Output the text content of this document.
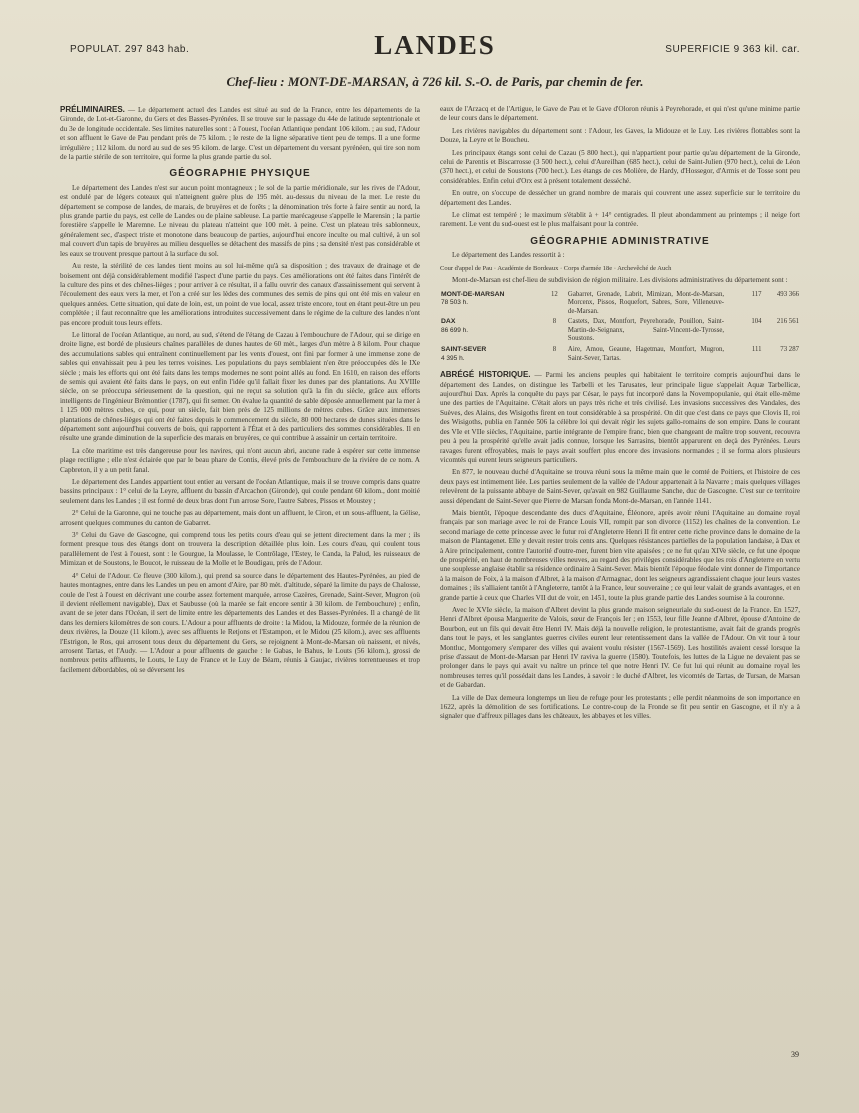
POPULAT. 297 843 hab.	LANDES	SUPERFICIE 9 363 kil. car.
Chef-lieu : MONT-DE-MARSAN, à 726 kil. S.-O. de Paris, par chemin de fer.

PRÉLIMINAIRES. — Le département actuel des Landes est situé au sud de la France, entre les départements de la Gironde, de Lot-et-Garonne, du Gers et des Basses-Pyrénées. Il se trouve sur le passage du 44e de latitude septentrionale et du 3e de longitude occidentale. Ses limites naturelles sont : à l'ouest, l'océan Atlantique pendant 106 kilom. ; au sud, l'Adour et son affluent le Gave de Pau pendant près de 75 kilom. ; le reste de la ligne séparative tient peu de temps. Il a une forme irrégulière ; 112 kilom. du nord au sud de ses 95 kilom. de large. C'est un département du versant pyrénéen, qui tire son nom de la partie stérile de son territoire, qui forme la plus grande partie du sol.

GÉOGRAPHIE PHYSIQUE

Le département des Landes n'est sur aucun point montagneux ; le sol de la partie méridionale, sur les rives de l'Adour, est ondulé par de légers coteaux qui n'atteignent guère plus de 195 mèt. au-dessus du niveau de la mer. Le reste du département se compose de landes, de marais, de bruyères et de forêts ; la dénomination très forte à faire sentir au nord, la plus grande partie du pays, est celle de Landes ou de plaine sableuse. La partie marécageuse s'appelle le Marensin ; la partie forestière s'appelle le Maremne. Le niveau du plateau n'atteint que 100 mèt. à peine. C'est un plateau très sablonneux, généralement sec, d'aspect triste et monotone dans beaucoup de parties, aujourd'hui encore inculte ou mal cultivé, à un sol mal couvert d'un tapis de bruyères au milieu desquelles se détachent des massifs de pins ; sa densité n'est pas considérable et les eaux se trouvent presque partout à la surface du sol.

Au reste, la stérilité de ces landes tient moins au sol lui-même qu'à sa disposition ; des travaux de drainage et de boisement ont déjà considérablement modifié l'aspect d'une partie du pays. Ces améliorations ont été faites dans l'intérêt de la culture des pins et des chênes-lièges ; pour arriver à ce résultat, il a fallu ouvrir des canaux d'assainissement qui servent à l'écoulement des eaux vers la mer, et l'on a créé sur les lèdes des communes des semis de pins qui ont été mis en valeur en quelques années. Cette situation, qui date de loin, est, un point de vue local, assez triste encore, tout en étant peut-être un peu complétée ; il faut reconnaître que les améliorations introduites successivement dans le régime de la culture des landes n'ont pas encore produit tous leurs effets.

Le littoral de l'océan Atlantique, au nord, au sud, s'étend de l'étang de Cazau à l'embouchure de l'Adour, qui se dirige en droite ligne, est bordé de plusieurs chaînes parallèles de dunes hautes de 60 mèt., larges d'un mètre à 8 kilom. Pour chaque des accumulations sables qui entraînent continuellement par les vents d'ouest, ont fini par former à une immense zone de sables qui envahissait peu à peu les terres voisines. Les populations du pays semblaient n'en être préoccupées dès le IXe siècle ; mais les efforts qui ont été faits dans les temps modernes ne sont point allés au fond. En 1610, en raison des efforts de semis qui avaient été faits dans le pays, on eut enfin l'idée qu'il fallait fixer les dunes par des plantations. Au XVIIIe siècle, on se préoccupa sérieusement de la question, qui ne reçut sa solution qu'à la fin du siècle, grâce aux efforts intelligents de l'ingénieur Brémontier (1787), qui fit semer. On évalue la quantité de sable déposée annuellement par la mer à 1 125 000 mètres cubes, ce qui, pour un siècle, fait bien près de 125 millions de mètres cubes. Grâce aux immenses plantations de chênes-lièges qui ont été faites depuis le commencement du siècle, 80 000 hectares de dunes situées dans le département sont aujourd'hui couverts de bois, qui rapportent à l'État et à des particuliers des sommes considérables. Il en résulte une grande diminution de la superficie des marais en bruyères, ce qui contribue à assainir un certain territoire.

La côte maritime est très dangereuse pour les navires, qui n'ont aucun abri, aucune rade à espérer sur cette immense plage rectiligne ; elle n'est éclairée que par le beau phare de Contis, élevé près de l'embouchure de la rivière de ce nom. A Capbreton, il y a un petit fanal.

Le département des Landes appartient tout entier au versant de l'océan Atlantique, mais il se trouve compris dans quatre bassins principaux : 1° celui de la Leyre, affluent du bassin d'Arcachon (Gironde), qui coule pendant 60 kilom., dont moitié seulement dans les Landes ; il est formé de deux bras dont l'un arrose Sore, l'autre Sabres, Pissos et Moustey ;

2° Celui de la Garonne, qui ne touche pas au département, mais dont un affluent, le Ciron, et un sous-affluent, la Gélise, arrosent quelques communes du canton de Gabarret.

3° Celui du Gave de Gascogne, qui comprend tous les petits cours d'eau qui se jettent directement dans la mer ; ils forment presque tous des étangs dont on trouvera la description détaillée plus loin. Les cours d'eau, qui coulent tous parallèlement de l'est à l'ouest, sont : le Gourgue, la Moulasse, le Contrôlage, l'Estey, le Canda, la Palud, les ruisseaux de Mimizan et de Soustons, le Boucot, le ruisseau de la Molle et le Boudigau, près de l'Adour.

4° Celui de l'Adour. Ce fleuve (300 kilom.), qui prend sa source dans le département des Hautes-Pyrénées, au pied de hautes montagnes, entre dans les Landes un peu en amont d'Aire, par 80 mèt. d'altitude, séparé la limite du pays de Chalosse, coule de l'est à l'ouest en décrivant une courbe assez fortement marquée, arrose Cazères, Grenade, Saint-Sever, Mugron (où il devient réellement navigable), Dax et Saubusse (où la marée se fait encore sentir à 30 kilom. de l'embouchure) ; enfin, avant de se jeter dans l'Océan, il sert de limite entre les départements des Landes et des Basses-Pyrénées. Il a changé de lit dans les derniers kilomètres de son cours. L'Adour a pour affluents de droite : la Midou, la Midouze, formée de la réunion de deux rivières, la Douze (11 kilom.), avec ses affluents le Retjons et l'Estampon, et le Midou (25 kilom.), avec ses affluents l'Estrigon, le Ros, qui arrosent tous deux du département du Gers, se rejoignent à Mont-de-Marsan où naissent, et nivés, arrosent Tartas, et l'Audy. — L'Adour a pour affluents de gauche : le Gabas, le Bahus, le Louts (56 kilom.), grossi de nombreux petits affluents, le Louts, le Luy de France et le Luy de Béarn, réunis à Gaujac, rivières torrentueuses et trop facilement débordables, où se déversent les

eaux de l'Arzacq et de l'Artigue, le Gave de Pau et le Gave d'Oloron réunis à Peyrehorade, et qui n'est qu'une minime partie de leur cours dans le département.

Les rivières navigables du département sont : l'Adour, les Gaves, la Midouze et le Luy. Les rivières flottables sont la Douze, la Leyre et le Boucheu.

Les principaux étangs sont celui de Cazau (5 800 hect.), qui n'appartient pour partie qu'au département de la Gironde, celui de Parentis et Biscarrosse (3 500 hect.), celui d'Aureilhan (685 hect.), celui de Saint-Julien (970 hect.), celui de Léon (370 hect.), et celui de Soustons (700 hect.). Les étangs de ces Molière, de Hardy, d'Hossegor, d'Armis et de Tosse sont peu considérables. Enfin celui d'Orx est à présent totalement desséché.

En outre, on s'occupe de dessécher un grand nombre de marais qui couvrent une assez superficie sur le territoire du département des Landes.

Le climat est tempéré ; le maximum s'établit à + 14° centigrades. Il pleut abondamment au printemps ; il neige fort rarement. Le vent du sud-ouest est le plus malfaisant pour la contrée.

GÉOGRAPHIE ADMINISTRATIVE

Le département des Landes ressortit à :

Cour d'appel de Pau · Académie de Bordeaux · Corps d'armée 18e · Archevêché de Auch

Mont-de-Marsan est chef-lieu de subdivision de région militaire. Les divisions administratives du département sont :

MONT-DE-MARSAN
78 503 h.	12	Gabarret, Grenade, Labrit, Mimizan, Mont-de-Marsan, Morcenx, Pissos, Roquefort, Sabres, Sore, Villeneuve-de-Marsan.	117	493 366
DAX
86 699 h.	8	Castets, Dax, Montfort, Peyrehorade, Pouillon, Saint-Martin-de-Seignanx, Saint-Vincent-de-Tyrosse, Soustons.	104	216 561
SAINT-SEVER
4 395 h.	8	Aire, Amou, Geaune, Hagetmau, Montfort, Mugron, Saint-Sever, Tartas.	111	73 287

ABRÉGÉ HISTORIQUE. — Parmi les anciens peuples qui habitaient le territoire compris aujourd'hui dans le département des Landes, on distingue les Tarbelli et les Tarusates, leur principale ligue s'appelait Aquæ Tarbellicæ, aujourd'hui Dax. Après la conquête du pays par César, le pays fut incorporé dans la Novempopulanie, qui était elle-même une des parties de l'Aquitaine. C'était alors un pays très riche et très civilisé. Les invasions successives des Vandales, des Suèves, des Alains, des Wisigoths firent en tout considérable à sa prospérité. On dit que c'est dans ce pays que Clovis II, roi des Wisigoths, publia en l'année 506 la célèbre loi qui devait régir les sujets gallo-romains de son empire. Dans le courant des VIe et VIIe siècles, l'Aquitaine, partie intégrante de l'empire franc, bien que changeant de maître trop souvent, recouvra peu à peu la prospérité qu'elle avait jadis connue, lorsque les Sarrasins, bientôt apparurent en deçà des Pyrénées. Leurs ravages furent effroyables, mais le pays avait souffert plus encore des invasions normandes ; il se forma alors plusieurs vicomtés qui eurent leurs seigneurs particuliers.

En 877, le nouveau duché d'Aquitaine se trouva réuni sous la même main que le comté de Poitiers, et l'histoire de ces deux pays est intimement liée. Les parties seulement de la vallée de l'Adour appartenait à la Navarre ; mais quelques villages relevèrent de la puissante abbaye de Saint-Sever, qu'avait en 982 Guillaume Sanche, duc de Gascogne. C'est sur ce territoire aussi dépendant de Saint-Sever que Pierre de Marsan fonda Mont-de-Marsan, en l'année 1141.

Mais bientôt, l'époque descendante des ducs d'Aquitaine, Éléonore, après avoir réuni l'Aquitaine au domaine royal français par son mariage avec le roi de France Louis VII, rompit par son divorce (1152) les chaînes de la convention. Le second mariage de cette princesse avec le futur roi d'Angleterre Henri II fit entrer cette riche province dans le domaine de la maison de Plantagenet. Elle y devait rester trois cents ans. Quelques résistances partielles de la population landaise, à Dax et à Aire principalement, contre l'autorité d'outre-mer, furent bien vite apaisées ; ce ne fut qu'au XIVe siècle, ce fut une époque de prospérité, en haut de nombreuses villes neuves, au regard des privilèges considérables que les rois d'Angleterre en vertu une souplesse anglaise établir sa résidence ordinaire à Saint-Sever. Mais bientôt l'époque féodale vint donner de l'importance à la maison de Foix, à la maison d'Albret, à la maison d'Armagnac, dont les seigneurs agrandissaient chaque jour leurs vastes domaines ; ils s'alliaient tantôt à l'Angleterre, tantôt à la France, leur souveraine ; ce qui leur valait de grands avantages, et en grande partie à ceux que Charles VII dut de voir, en 1451, toute la plus grande partie des Landes soumise à la couronne.

Avec le XVIe siècle, la maison d'Albret devint la plus grande maison seigneuriale du sud-ouest de la France. En 1527, Henri d'Albret épousa Marguerite de Valois, sœur de François Ier ; en 1553, leur fille Jeanne d'Albret, épouse d'Antoine de Bourbon, eut un fils qui devait être Henri IV. Mais déjà la nouvelle religion, le protestantisme, avait fait de grands progrès dans tout le pays, et les sanglantes guerres civiles eurent leur retentissement dans la vallée de l'Adour. On vit tour à tour Montluc, Montgomery s'emparer des villes qui avaient voulu résister (1567-1569). Les hostilités avaient cessé lorsque la prise d'assaut de Mont-de-Marsan par Henri IV raviva la guerre (1580). Toutefois, les luttes de la Ligue ne devaient pas se prolonger dans le pays qui avait vu naître un prince tel que notre Henri IV. Ce fut lui qui réunit au domaine royal les nombreuses terres qu'il possédait dans les Landes, à savoir : le duché d'Albret, les vicomtés de Tartas, de Tursan, de Marsan et de Gabardan.

La ville de Dax demeura longtemps un lieu de refuge pour les protestants ; elle perdit néanmoins de son importance en 1622, après la démolition de ses fortifications. Le contre-coup de la Fronde se fit peu sentir en Gascogne, et il n'y a à signaler que d'affreux pillages dans les châteaux, les abbayes et les villes.

39
